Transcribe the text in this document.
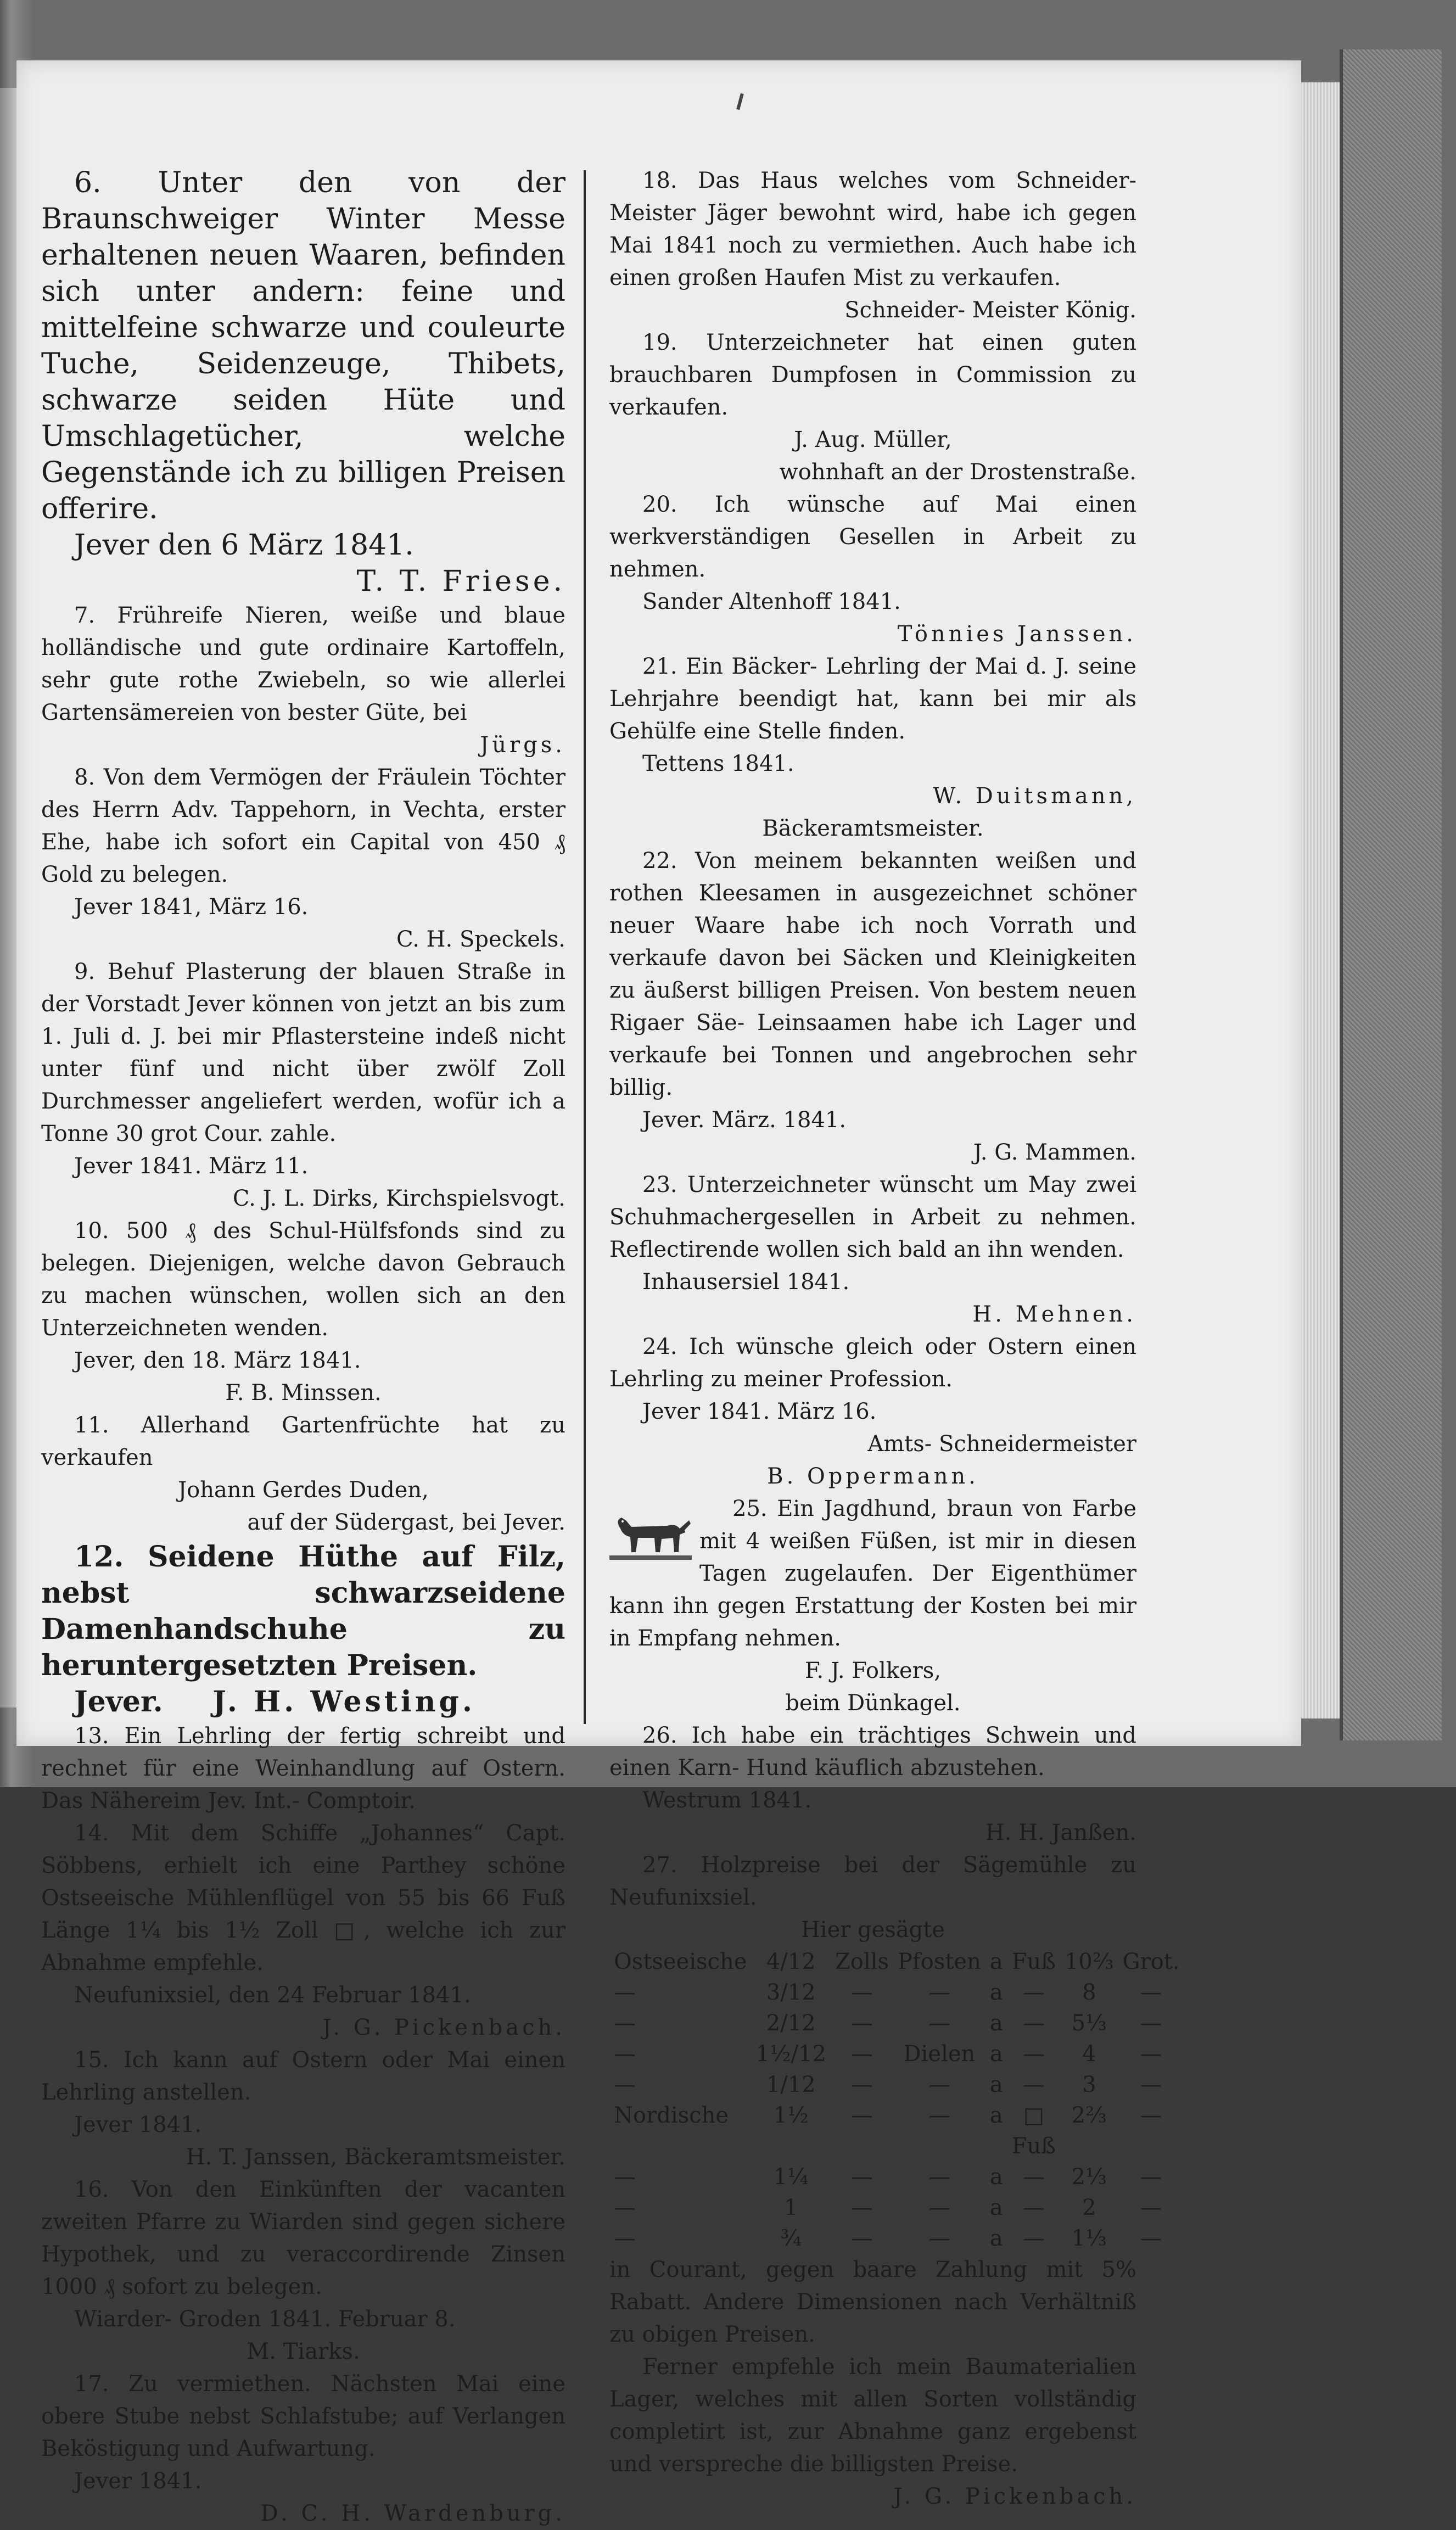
6. Unter den von der Braunschweiger Winter Messe erhaltenen neuen Waaren, befinden sich unter andern: feine und mittelfeine schwarze und couleurte Tuche, Seidenzeuge, Thibets, schwarze seiden Hüte und Umschlagetücher, welche Gegenstände ich zu billigen Preisen offerire.
Jever den 6 März 1841.
T. T. Friese.
7. Frühreife Nieren, weiße und blaue holländische und gute ordinaire Kartoffeln, sehr gute rothe Zwiebeln, so wie allerlei Gartensämereien von bester Güte, bei
Jürgs.
8. Von dem Vermögen der Fräulein Töchter des Herrn Adv. Tappehorn, in Vechta, erster Ehe, habe ich sofort ein Capital von 450 ₰ Gold zu belegen.
Jever 1841, März 16.
C. H. Speckels.
9. Behuf Plasterung der blauen Straße in der Vorstadt Jever können von jetzt an bis zum 1. Juli d. J. bei mir Pflastersteine indeß nicht unter fünf und nicht über zwölf Zoll Durchmesser angeliefert werden, wofür ich a Tonne 30 grot Cour. zahle.
Jever 1841. März 11.
C. J. L. Dirks, Kirchspielsvogt.
10. 500 ₰ des Schul-Hülfsfonds sind zu belegen. Diejenigen, welche davon Gebrauch zu machen wünschen, wollen sich an den Unterzeichneten wenden.
Jever, den 18. März 1841.
F. B. Minssen.
11. Allerhand Gartenfrüchte hat zu verkaufen
Johann Gerdes Duden,
auf der Südergast, bei Jever.
12. Seidene Hüthe auf Filz, nebst schwarzseidene Damenhandschuhe zu heruntergesetzten Preisen.
Jever. J. H. Westing.
13. Ein Lehrling der fertig schreibt und rechnet für eine Weinhandlung auf Ostern. Das Nähereim Jev. Int.- Comptoir.
14. Mit dem Schiffe „Johannes“ Capt. Söbbens, erhielt ich eine Parthey schöne Ostseeische Mühlenflügel von 55 bis 66 Fuß Länge 1¼ bis 1½ Zoll □, welche ich zur Abnahme empfehle.
Neufunixsiel, den 24 Februar 1841.
J. G. Pickenbach.
15. Ich kann auf Ostern oder Mai einen Lehrling anstellen.
Jever 1841.
H. T. Janssen, Bäckeramtsmeister.
16. Von den Einkünften der vacanten zweiten Pfarre zu Wiarden sind gegen sichere Hypothek, und zu veraccordirende Zinsen 1000 ₰ sofort zu belegen.
Wiarder- Groden 1841. Februar 8.
M. Tiarks.
17. Zu vermiethen. Nächsten Mai eine obere Stube nebst Schlafstube; auf Verlangen Beköstigung und Aufwartung.
Jever 1841.
D. C. H. Wardenburg.
18. Das Haus welches vom Schneider- Meister Jäger bewohnt wird, habe ich gegen Mai 1841 noch zu vermiethen. Auch habe ich einen großen Haufen Mist zu verkaufen.
Schneider- Meister König.
19. Unterzeichneter hat einen guten brauchbaren Dumpfosen in Commission zu verkaufen.
J. Aug. Müller,
wohnhaft an der Drostenstraße.
20. Ich wünsche auf Mai einen werkverständigen Gesellen in Arbeit zu nehmen.
Sander Altenhoff 1841.
Tönnies Janssen.
21. Ein Bäcker- Lehrling der Mai d. J. seine Lehrjahre beendigt hat, kann bei mir als Gehülfe eine Stelle finden.
Tettens 1841.
W. Duitsmann,
Bäckeramtsmeister.
22. Von meinem bekannten weißen und rothen Kleesamen in ausgezeichnet schöner neuer Waare habe ich noch Vorrath und verkaufe davon bei Säcken und Kleinigkeiten zu äußerst billigen Preisen. Von bestem neuen Rigaer Säe- Leinsaamen habe ich Lager und verkaufe bei Tonnen und angebrochen sehr billig.
Jever. März. 1841.
J. G. Mammen.
23. Unterzeichneter wünscht um May zwei Schuhmachergesellen in Arbeit zu nehmen. Reflectirende wollen sich bald an ihn wenden.
Inhausersiel 1841.
H. Mehnen.
24. Ich wünsche gleich oder Ostern einen Lehrling zu meiner Profession.
Jever 1841. März 16.
Amts- Schneidermeister
B. Oppermann.
25. Ein Jagdhund, braun von Farbe mit 4 weißen Füßen, ist mir in diesen Tagen zugelaufen. Der Eigenthümer kann ihn gegen Erstattung der Kosten bei mir in Empfang nehmen.
F. J. Folkers,
beim Dünkagel.
26. Ich habe ein trächtiges Schwein und einen Karn- Hund käuflich abzustehen.
Westrum 1841.
H. H. Janßen.
27. Holzpreise bei der Sägemühle zu Neufunixsiel.
Hier gesägte
Ostseeische	4/12	Zolls	Pfosten	a	Fuß	10⅔	Grot.
—	3/12	—	—	a	—	8	—
—	2/12	—	—	a	—	5⅓	—
—	1½/12	—	Dielen	a	—	4	—
—	1/12	—	—	a	—	3	—
Nordische	1½	—	—	a	□ Fuß	2⅔	—
—	1¼	—	—	a	—	2⅓	—
—	1	—	—	a	—	2	—
—	¾	—	—	a	—	1⅓	—
in Courant, gegen baare Zahlung mit 5% Rabatt. Andere Dimensionen nach Verhältniß zu obigen Preisen.
Ferner empfehle ich mein Baumaterialien Lager, welches mit allen Sorten vollständig completirt ist, zur Abnahme ganz ergebenst und verspreche die billigsten Preise.
J. G. Pickenbach.
